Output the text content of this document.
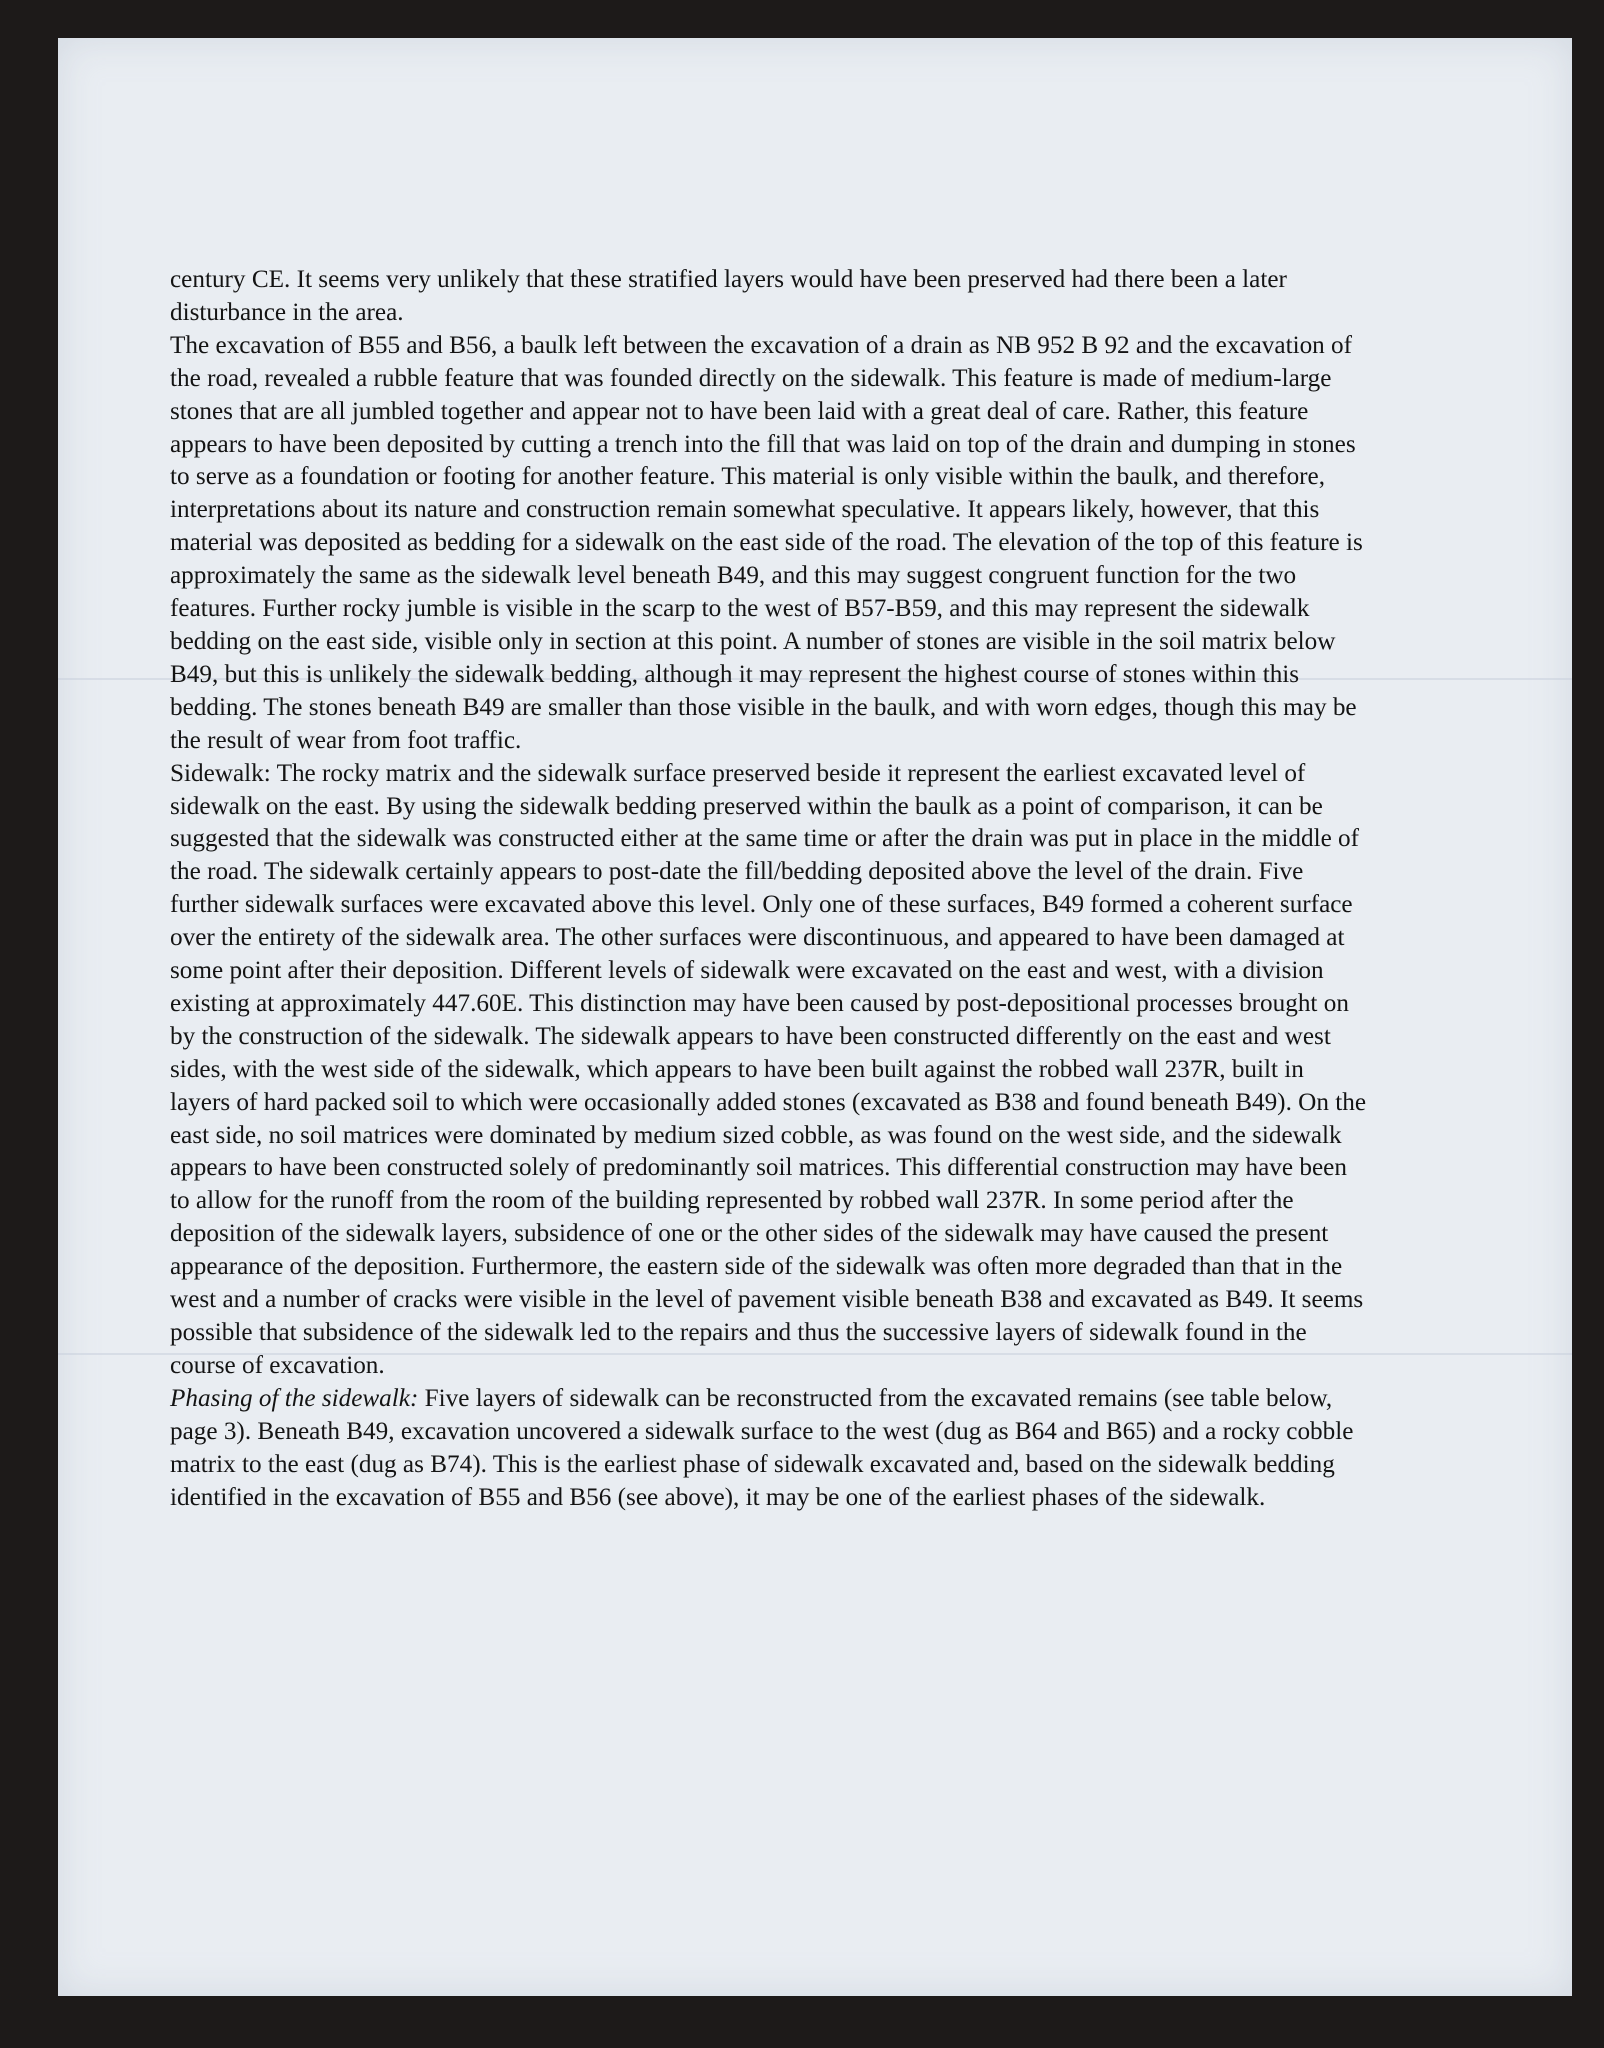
century CE. It seems very unlikely that these stratified layers would have been preserved had there been a later disturbance in the area.

The excavation of B55 and B56, a baulk left between the excavation of a drain as NB 952 B 92 and the excavation of the road, revealed a rubble feature that was founded directly on the sidewalk. This feature is made of medium-large stones that are all jumbled together and appear not to have been laid with a great deal of care. Rather, this feature appears to have been deposited by cutting a trench into the fill that was laid on top of the drain and dumping in stones to serve as a foundation or footing for another feature. This material is only visible within the baulk, and therefore, interpretations about its nature and construction remain somewhat speculative. It appears likely, however, that this material was deposited as bedding for a sidewalk on the east side of the road. The elevation of the top of this feature is approximately the same as the sidewalk level beneath B49, and this may suggest congruent function for the two features. Further rocky jumble is visible in the scarp to the west of B57-B59, and this may represent the sidewalk bedding on the east side, visible only in section at this point. A number of stones are visible in the soil matrix below B49, but this is unlikely the sidewalk bedding, although it may represent the highest course of stones within this bedding. The stones beneath B49 are smaller than those visible in the baulk, and with worn edges, though this may be the result of wear from foot traffic.

Sidewalk: The rocky matrix and the sidewalk surface preserved beside it represent the earliest excavated level of sidewalk on the east. By using the sidewalk bedding preserved within the baulk as a point of comparison, it can be suggested that the sidewalk was constructed either at the same time or after the drain was put in place in the middle of the road. The sidewalk certainly appears to post-date the fill/bedding deposited above the level of the drain. Five further sidewalk surfaces were excavated above this level. Only one of these surfaces, B49 formed a coherent surface over the entirety of the sidewalk area. The other surfaces were discontinuous, and appeared to have been damaged at some point after their deposition. Different levels of sidewalk were excavated on the east and west, with a division existing at approximately 447.60E. This distinction may have been caused by post-depositional processes brought on by the construction of the sidewalk. The sidewalk appears to have been constructed differently on the east and west sides, with the west side of the sidewalk, which appears to have been built against the robbed wall 237R, built in layers of hard packed soil to which were occasionally added stones (excavated as B38 and found beneath B49). On the east side, no soil matrices were dominated by medium sized cobble, as was found on the west side, and the sidewalk appears to have been constructed solely of predominantly soil matrices. This differential construction may have been to allow for the runoff from the room of the building represented by robbed wall 237R. In some period after the deposition of the sidewalk layers, subsidence of one or the other sides of the sidewalk may have caused the present appearance of the deposition. Furthermore, the eastern side of the sidewalk was often more degraded than that in the west and a number of cracks were visible in the level of pavement visible beneath B38 and excavated as B49. It seems possible that subsidence of the sidewalk led to the repairs and thus the successive layers of sidewalk found in the course of excavation.

Phasing of the sidewalk: Five layers of sidewalk can be reconstructed from the excavated remains (see table below, page 3). Beneath B49, excavation uncovered a sidewalk surface to the west (dug as B64 and B65) and a rocky cobble matrix to the east (dug as B74). This is the earliest phase of sidewalk excavated and, based on the sidewalk bedding identified in the excavation of B55 and B56 (see above), it may be one of the earliest phases of the sidewalk.
